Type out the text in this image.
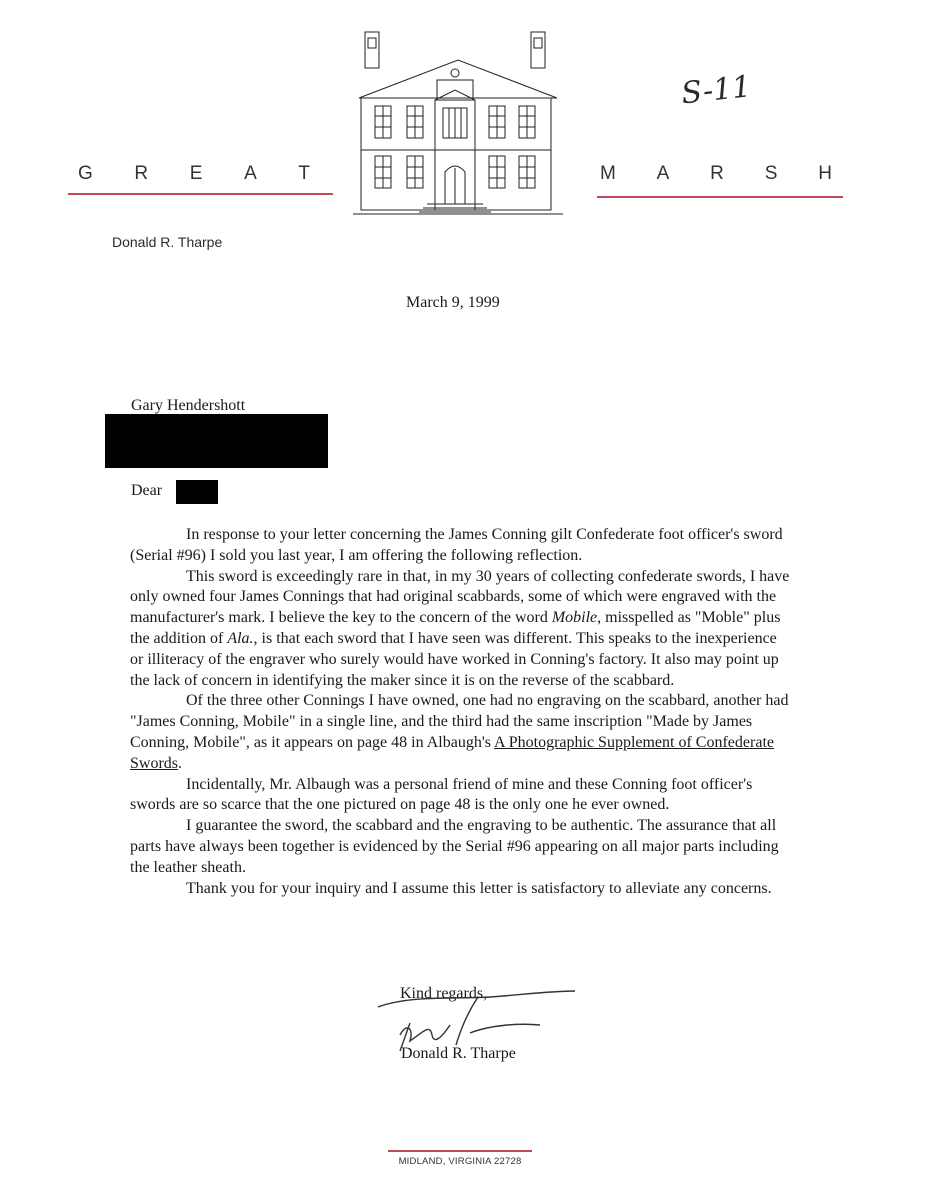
G R E A T	M A R S H
S-11
Donald R. Tharpe
March 9, 1999
Gary Hendershott
Dear

In response to your letter concerning the James Conning gilt Confederate foot officer's sword (Serial #96) I sold you last year, I am offering the following reflection.

This sword is exceedingly rare in that, in my 30 years of collecting confederate swords, I have only owned four James Connings that had original scabbards, some of which were engraved with the manufacturer's mark. I believe the key to the concern of the word Mobile, misspelled as "Moble" plus the addition of Ala., is that each sword that I have seen was different. This speaks to the inexperience or illiteracy of the engraver who surely would have worked in Conning's factory. It also may point up the lack of concern in identifying the maker since it is on the reverse of the scabbard.

Of the three other Connings I have owned, one had no engraving on the scabbard, another had "James Conning, Mobile" in a single line, and the third had the same inscription "Made by James Conning, Mobile", as it appears on page 48 in Albaugh's A Photographic Supplement of Confederate Swords.

Incidentally, Mr. Albaugh was a personal friend of mine and these Conning foot officer's swords are so scarce that the one pictured on page 48 is the only one he ever owned.

I guarantee the sword, the scabbard and the engraving to be authentic. The assurance that all parts have always been together is evidenced by the Serial #96 appearing on all major parts including the leather sheath.

Thank you for your inquiry and I assume this letter is satisfactory to alleviate any concerns.

Kind regards,
Donald R. Tharpe
MIDLAND, VIRGINIA 22728
